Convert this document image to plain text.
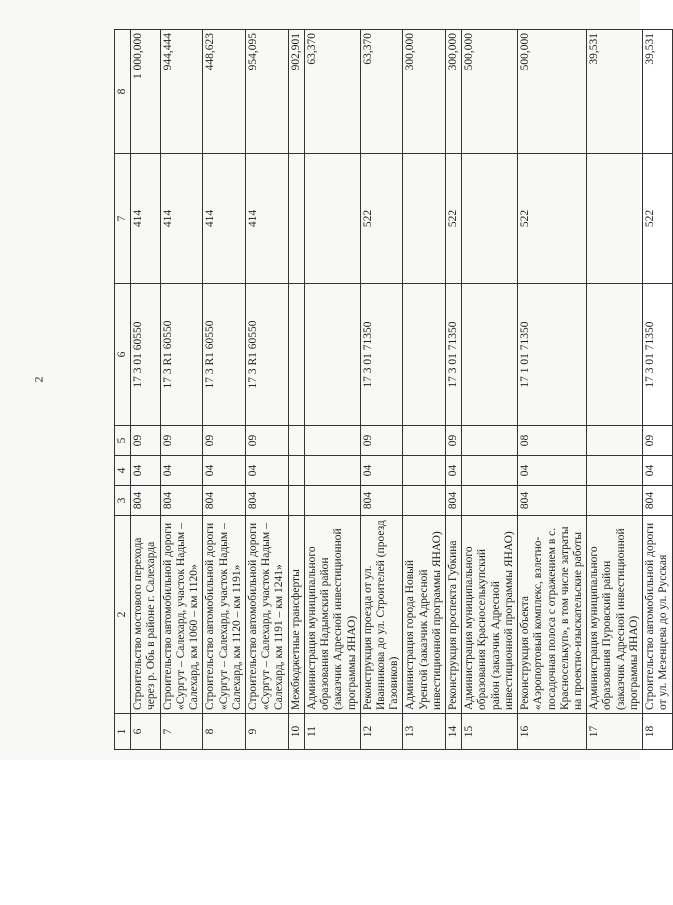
2
1	2	3	4	5	6	7	8
6	Строительство мостового перехода через р. Обь в районе г. Салехарда	804	04	09	17 3 01 60550	414	1 000,000
7	Строительство автомобильной дороги «Сургут – Салехард, участок Надым – Салехард, км 1060 – км 1120»	804	04	09	17 3 R1 60550	414	944,444
8	Строительство автомобильной дороги «Сургут – Салехард, участок Надым – Салехард, км 1120 – км 1191»	804	04	09	17 3 R1 60550	414	448,623
9	Строительство автомобильной дороги «Сургут – Салехард, участок Надым – Салехард, км 1191 – км 1241»	804	04	09	17 3 R1 60550	414	954,095
10	Межбюджетные трансферты						902,901
11	Администрация муниципального образования Надымский район (заказчик Адресной инвестиционной программы ЯНАО)						63,370
12	Реконструкция проезда от ул. Иванникова до ул. Строителей (проезд Газовиков)	804	04	09	17 3 01 71350	522	63,370
13	Администрация города Новый Уренгой (заказчик Адресной инвестиционной программы ЯНАО)						300,000
14	Реконструкция проспекта Губкина	804	04	09	17 3 01 71350	522	300,000
15	Администрация муниципального образования Красноселькупский район (заказчик Адресной инвестиционной программы ЯНАО)						500,000
16	Реконструкция объекта «Аэропортовый комплекс, взлетно-посадочная полоса с отражением в с. Красноселькуп», в том числе затраты на проектно-изыскательские работы	804	04	08	17 1 01 71350	522	500,000
17	Администрация муниципального образования Пуровский район (заказчик Адресной инвестиционной программы ЯНАО)						39,531
18	Строительство автомобильной дороги от ул. Мезенцева до ул. Русская	804	04	09	17 3 01 71350	522	39,531
